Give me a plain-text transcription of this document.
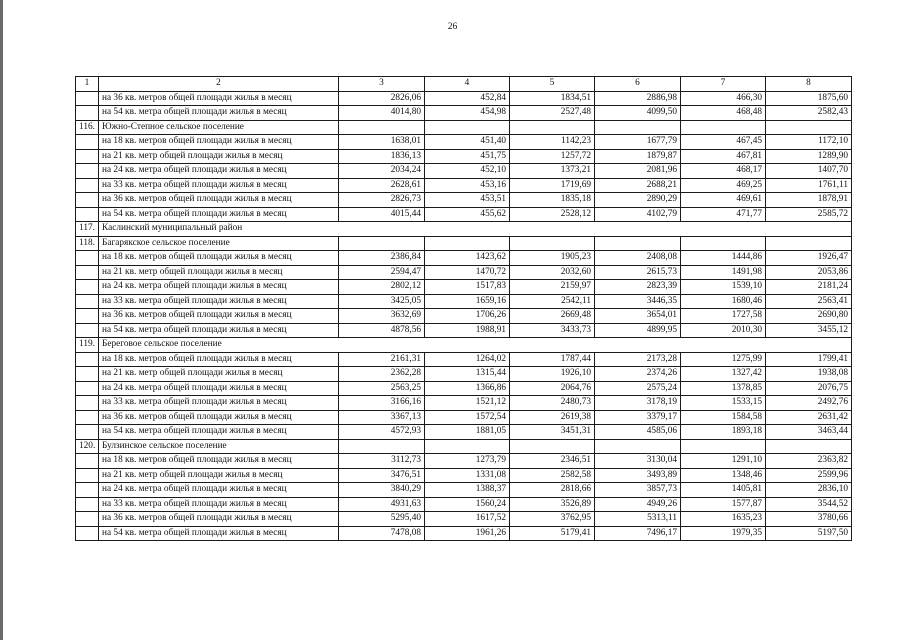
26
1	2	3	4	5	6	7	8
	на 36 кв. метров общей площади жилья в месяц	2826,06	452,84	1834,51	2886,98	466,30	1875,60
	на 54 кв. метра общей площади жилья в месяц	4014,80	454,98	2527,48	4099,50	468,48	2582,43
116.	Южно-Степное сельское поселение						
	на 18 кв. метров общей площади жилья в месяц	1638,01	451,40	1142,23	1677,79	467,45	1172,10
	на 21 кв. метр общей площади жилья в месяц	1836,13	451,75	1257,72	1879,87	467,81	1289,90
	на 24 кв. метра общей площади жилья в месяц	2034,24	452,10	1373,21	2081,96	468,17	1407,70
	на 33 кв. метра общей площади жилья в месяц	2628,61	453,16	1719,69	2688,21	469,25	1761,11
	на 36 кв. метров общей площади жилья в месяц	2826,73	453,51	1835,18	2890,29	469,61	1878,91
	на 54 кв. метра общей площади жилья в месяц	4015,44	455,62	2528,12	4102,79	471,77	2585,72
117.	Каслинский муниципальный район						
118.	Багарякское сельское поселение						
	на 18 кв. метров общей площади жилья в месяц	2386,84	1423,62	1905,23	2408,08	1444,86	1926,47
	на 21 кв. метр общей площади жилья в месяц	2594,47	1470,72	2032,60	2615,73	1491,98	2053,86
	на 24 кв. метра общей площади жилья в месяц	2802,12	1517,83	2159,97	2823,39	1539,10	2181,24
	на 33 кв. метра общей площади жилья в месяц	3425,05	1659,16	2542,11	3446,35	1680,46	2563,41
	на 36 кв. метров общей площади жилья в месяц	3632,69	1706,26	2669,48	3654,01	1727,58	2690,80
	на 54 кв. метра общей площади жилья в месяц	4878,56	1988,91	3433,73	4899,95	2010,30	3455,12
119.	Береговое сельское поселение						
	на 18 кв. метров общей площади жилья в месяц	2161,31	1264,02	1787,44	2173,28	1275,99	1799,41
	на 21 кв. метр общей площади жилья в месяц	2362,28	1315,44	1926,10	2374,26	1327,42	1938,08
	на 24 кв. метра общей площади жилья в месяц	2563,25	1366,86	2064,76	2575,24	1378,85	2076,75
	на 33 кв. метра общей площади жилья в месяц	3166,16	1521,12	2480,73	3178,19	1533,15	2492,76
	на 36 кв. метров общей площади жилья в месяц	3367,13	1572,54	2619,38	3379,17	1584,58	2631,42
	на 54 кв. метра общей площади жилья в месяц	4572,93	1881,05	3451,31	4585,06	1893,18	3463,44
120.	Булзинское сельское поселение						
	на 18 кв. метров общей площади жилья в месяц	3112,73	1273,79	2346,51	3130,04	1291,10	2363,82
	на 21 кв. метр общей площади жилья в месяц	3476,51	1331,08	2582,58	3493,89	1348,46	2599,96
	на 24 кв. метра общей площади жилья в месяц	3840,29	1388,37	2818,66	3857,73	1405,81	2836,10
	на 33 кв. метра общей площади жилья в месяц	4931,63	1560,24	3526,89	4949,26	1577,87	3544,52
	на 36 кв. метров общей площади жилья в месяц	5295,40	1617,52	3762,95	5313,11	1635,23	3780,66
	на 54 кв. метра общей площади жилья в месяц	7478,08	1961,26	5179,41	7496,17	1979,35	5197,50
